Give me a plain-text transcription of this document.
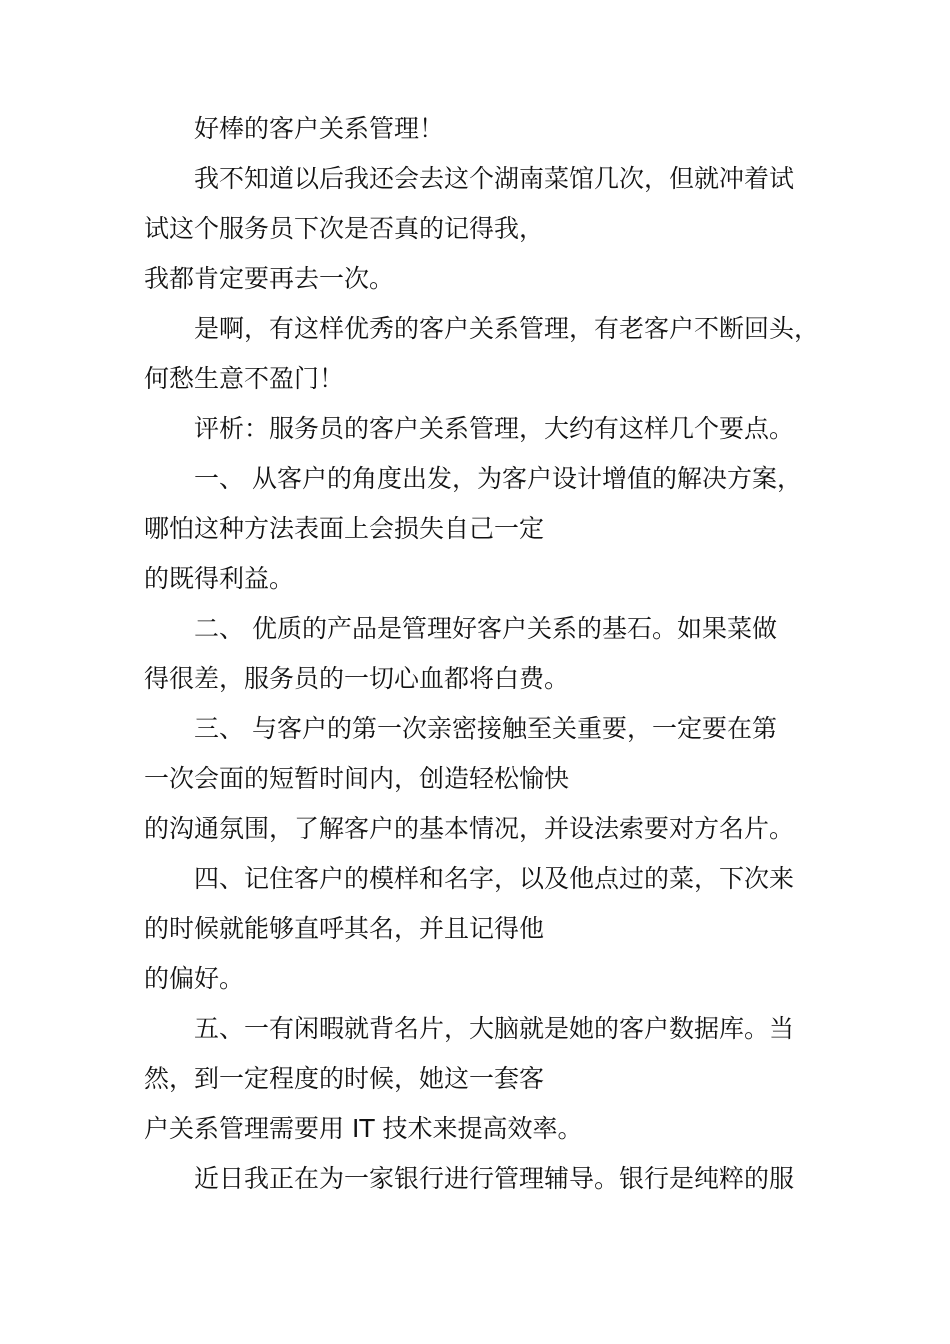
好棒的客户关系管理！
我不知道以后我还会去这个湖南菜馆几次，但就冲着试
试这个服务员下次是否真的记得我，
我都肯定要再去一次。
是啊，有这样优秀的客户关系管理，有老客户不断回头，
何愁生意不盈门！
评析：服务员的客户关系管理，大约有这样几个要点。
一、 从客户的角度出发，为客户设计增值的解决方案，
哪怕这种方法表面上会损失自己一定
的既得利益。
二、 优质的产品是管理好客户关系的基石。如果菜做
得很差，服务员的一切心血都将白费。
三、 与客户的第一次亲密接触至关重要，一定要在第
一次会面的短暂时间内，创造轻松愉快
的沟通氛围，了解客户的基本情况，并设法索要对方名片。
四、记住客户的模样和名字，以及他点过的菜，下次来
的时候就能够直呼其名，并且记得他
的偏好。
五、一有闲暇就背名片，大脑就是她的客户数据库。当
然，到一定程度的时候，她这一套客
户关系管理需要用 IT 技术来提高效率。
近日我正在为一家银行进行管理辅导。银行是纯粹的服
